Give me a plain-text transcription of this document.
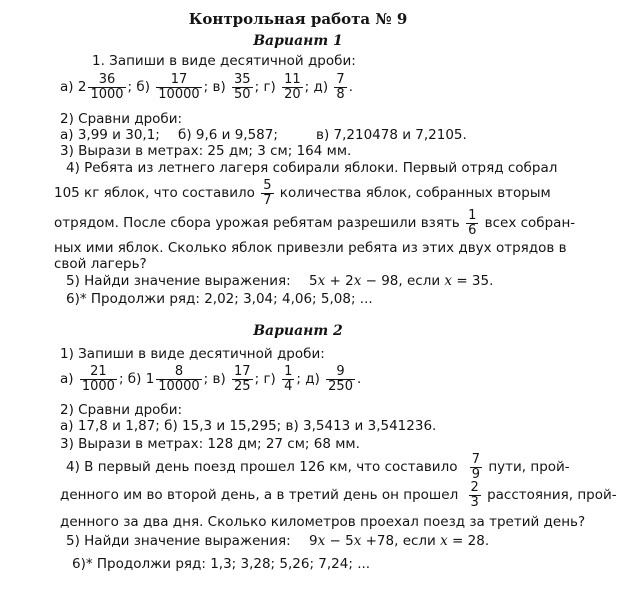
Контрольная работа № 9
Вариант 1
1. Запиши в виде десятичной дроби:
а) $2 \frac{36}{1000}$ ; $б) \frac{17}{10000}$ ; $в) \frac{35}{50}$ ; $г) \frac{11}{20}$ ; $д) \frac{7}{8}$ .
2) Сравни дроби:
а) 3,99 и 30,1; б) 9,6 и 9,587;	в) 7,210478 и 7,2105.
3) Вырази в метрах: 25 дм; 3 см; 164 мм.
4) Ребята из летнего лагеря собирали яблоки. Первый отряд собрал
105 кг яблок, что составило $\frac{5}{7}$ количества яблок, собранных вторым
отрядом. После сбора урожая ребятам разрешили взять $\frac{1}{6}$ всех собран-
ных ими яблок. Сколько яблок привезли ребята из этих двух отрядов в
свой лагерь?
5) Найди значение выражения: 5x + 2x − 98, если x = 35.
6)* Продолжи ряд: 2,02; 3,04; 4,06; 5,08; ...
Вариант 2
1) Запиши в виде десятичной дроби:
$а) \frac{21}{1000}$ ; б) $1 \frac{8}{10000}$ ; $в) \frac{17}{25}$ ; $г) \frac{1}{4}$ ; $д) \frac{9}{250}$ .
2) Сравни дроби:
а) 17,8 и 1,87; б) 15,3 и 15,295; в) 3,5413 и 3,541236.
3) Вырази в метрах: 128 дм; 27 см; 68 мм.
4) В первый день поезд прошел 126 км, что составило $\frac{7}{9}$ пути, прой-
денного им во второй день, а в третий день он прошел $\frac{2}{3}$ расстояния, прой-
денного за два дня. Сколько километров проехал поезд за третий день?
5) Найди значение выражения: 9x − 5x +78, если x = 28.
6)* Продолжи ряд: 1,3; 3,28; 5,26; 7,24; ...
